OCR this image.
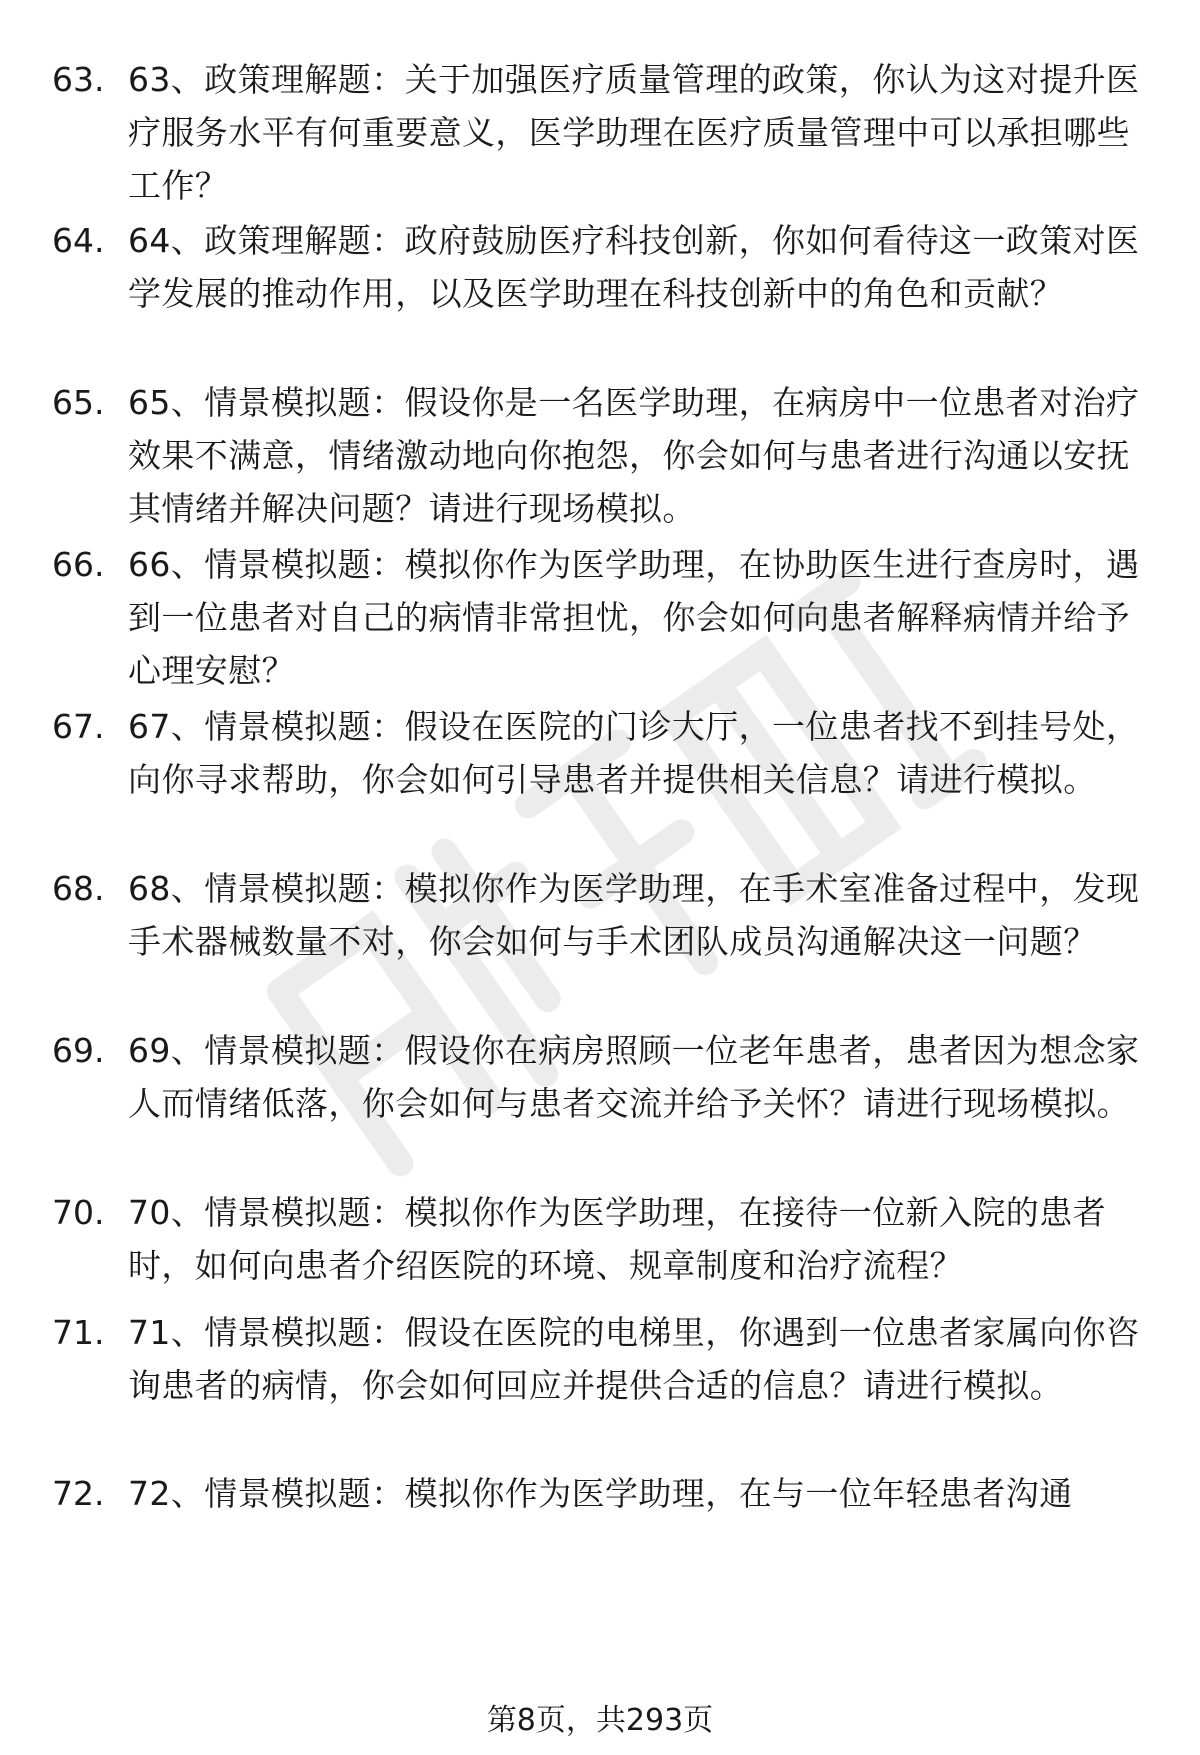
63. 63、政策理解题：关于加强医疗质量管理的政策，你认为这对提升医疗服务水平有何重要意义，医学助理在医疗质量管理中可以承担哪些工作？
64. 64、政策理解题：政府鼓励医疗科技创新，你如何看待这一政策对医学发展的推动作用，以及医学助理在科技创新中的角色和贡献？
65. 65、情景模拟题：假设你是一名医学助理，在病房中一位患者对治疗效果不满意，情绪激动地向你抱怨，你会如何与患者进行沟通以安抚其情绪并解决问题？请进行现场模拟。
66. 66、情景模拟题：模拟你作为医学助理，在协助医生进行查房时，遇到一位患者对自己的病情非常担忧，你会如何向患者解释病情并给予心理安慰？
67. 67、情景模拟题：假设在医院的门诊大厅，一位患者找不到挂号处，向你寻求帮助，你会如何引导患者并提供相关信息？请进行模拟。
68. 68、情景模拟题：模拟你作为医学助理，在手术室准备过程中，发现手术器械数量不对，你会如何与手术团队成员沟通解决这一问题？
69. 69、情景模拟题：假设你在病房照顾一位老年患者，患者因为想念家人而情绪低落，你会如何与患者交流并给予关怀？请进行现场模拟。
70. 70、情景模拟题：模拟你作为医学助理，在接待一位新入院的患者时，如何向患者介绍医院的环境、规章制度和治疗流程？
71. 71、情景模拟题：假设在医院的电梯里，你遇到一位患者家属向你咨询患者的病情，你会如何回应并提供合适的信息？请进行模拟。
72. 72、情景模拟题：模拟你作为医学助理，在与一位年轻患者沟通
第8页，共293页
